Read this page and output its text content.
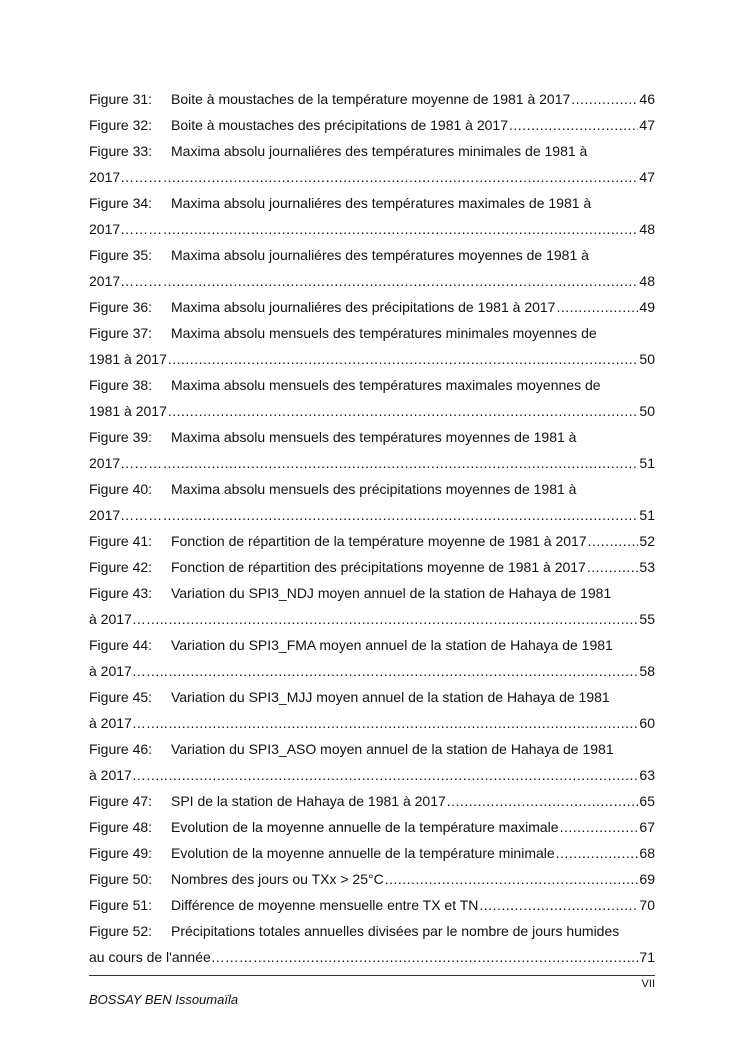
Figure 31:	Boite à moustaches de la température moyenne de 1981 à 2017 .....	46
Figure 32:	Boite à moustaches des précipitations de 1981 à 2017 .....	47
Figure 33:	Maxima absolu journaliéres des températures minimales de 1981 à
2017……… .....	47
Figure 34:	Maxima absolu journaliéres des températures maximales de 1981 à
2017……… .....	48
Figure 35:	Maxima absolu journaliéres des températures moyennes de 1981 à
2017……… .....	48
Figure 36:	Maxima absolu journaliéres des précipitations de 1981 à 2017 .....	49
Figure 37:	Maxima absolu mensuels des températures minimales moyennes de
1981 à 2017 .....	50
Figure 38:	Maxima absolu mensuels des températures maximales moyennes de
1981 à 2017 .....	50
Figure 39:	Maxima absolu mensuels des températures moyennes de 1981 à
2017……… .....	51
Figure 40:	Maxima absolu mensuels des précipitations moyennes de 1981 à
2017……… .....	51
Figure 41:	Fonction de répartition de la température moyenne de 1981 à 2017 .....	52
Figure 42:	Fonction de répartition des précipitations moyenne de 1981 à 2017 .....	53
Figure 43:	Variation du SPI3_NDJ moyen annuel de la station de Hahaya de 1981
à 2017…….. .....	55
Figure 44:	Variation du SPI3_FMA moyen annuel de la station de Hahaya de 1981
à 2017…….. .....	58
Figure 45:	Variation du SPI3_MJJ moyen annuel de la station de Hahaya de 1981
à 2017…….. .....	60
Figure 46:	Variation du SPI3_ASO moyen annuel de la station de Hahaya de 1981
à 2017…….. .....	63
Figure 47:	SPI de la station de Hahaya de 1981 à 2017 .....	65
Figure 48:	Evolution de la moyenne annuelle de la température maximale .....	67
Figure 49:	Evolution de la moyenne annuelle de la température minimale .....	68
Figure 50:	Nombres des jours ou TXx > 25°C .....	69
Figure 51:	Différence de moyenne mensuelle entre TX et TN .....	70
Figure 52:	Précipitations totales annuelles divisées par le nombre de jours humides
au cours de l'année………….. .....	71
VII
BOSSAY BEN Issoumaïla
